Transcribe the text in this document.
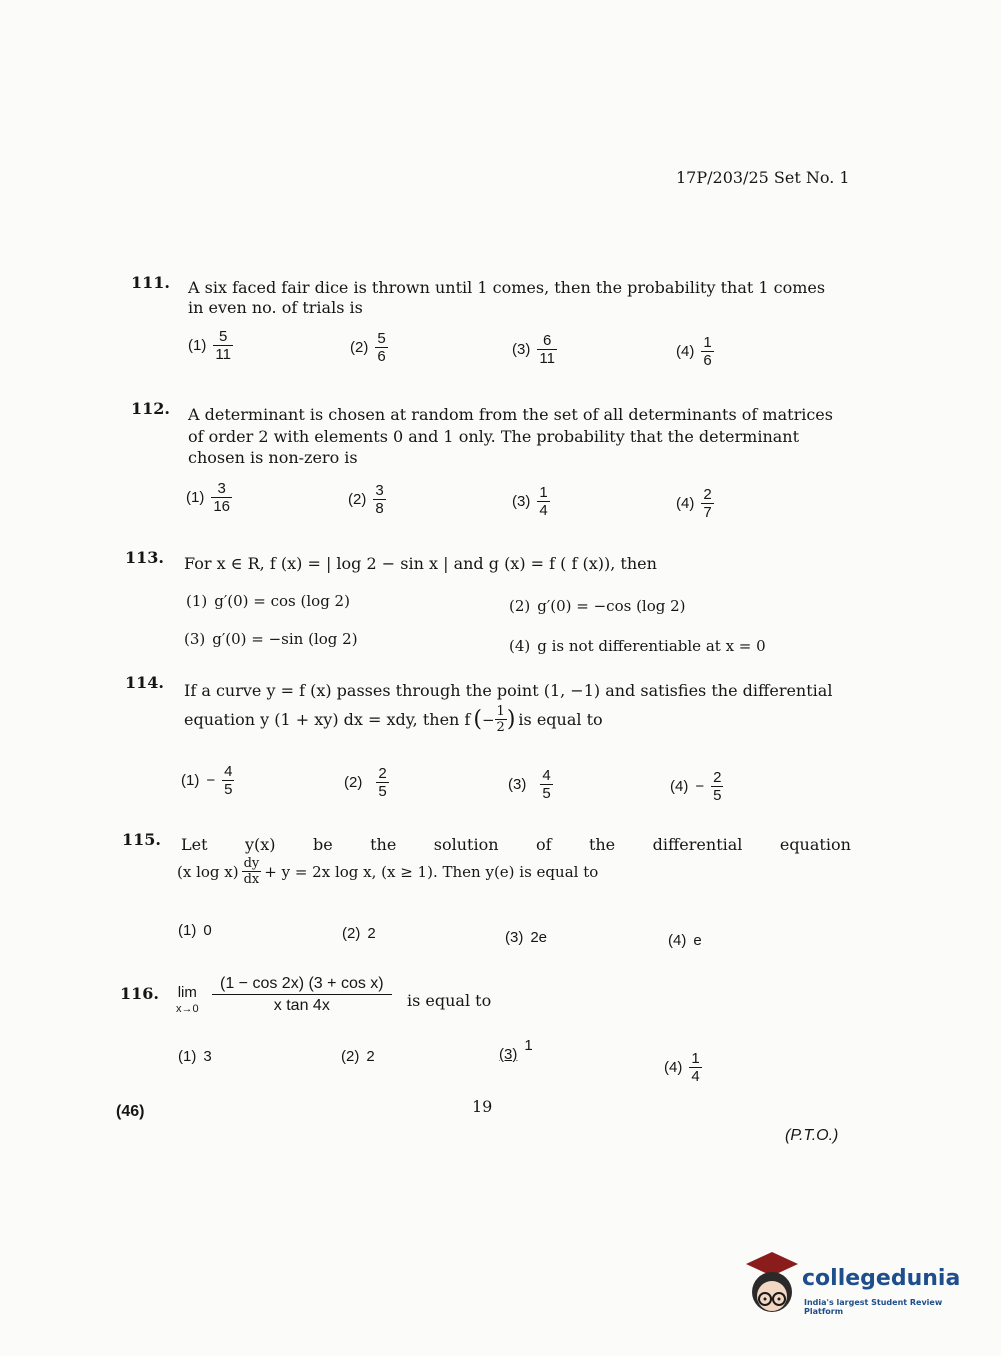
17P/203/25 Set No. 1
111. A six faced fair dice is thrown until 1 comes, then the probability that 1 comes
in even no. of trials is
$(1) \frac{5}{11}$	$(2) \frac{5}{6}$	$(3) \frac{6}{11}$	$(4) \frac{1}{6}$
112. A determinant is chosen at random from the set of all determinants of matrices
of order 2 with elements 0 and 1 only. The probability that the determinant
chosen is non-zero is
$(1) \frac{3}{16}$	$(2) \frac{3}{8}$	$(3) \frac{1}{4}$	$(4) \frac{2}{7}$
113. For x ∈ R, f (x) = | log 2 − sin x | and g (x) = f ( f (x)), then
(1) g′(0) = cos (log 2)	(2) g′(0) = −cos (log 2)
(3) g′(0) = −sin (log 2)	(4) g is not differentiable at x = 0
114. If a curve y = f (x) passes through the point (1, −1) and satisfies the differential
equation y (1 + xy) dx = xdy, then f ( − $\frac{1}{2}$ ) is equal to
$(1) - \frac{4}{5}$	$(2) \frac{2}{5}$	$(3) \frac{4}{5}$	$(4) - \frac{2}{5}$
115. Let y(x) be the solution of the differential equation
(x $\log x) \frac{dy}{dx} + y = 2x$ log x, (x ≥ 1). Then y(e) is equal to
(1) 0	(2) 2	(3) 2e	(4) e
116. lim
$x\to 0 \frac{\text{(1 − cos 2x) (3 + cos x)}}{\text{x tan 4x}}$ is equal to
(1) 3	(2) 2	(3)
1
$(4) \frac{1}{4}$
(46)	19
(P.T.O.)
collegedunia
India's largest Student Review Platform
